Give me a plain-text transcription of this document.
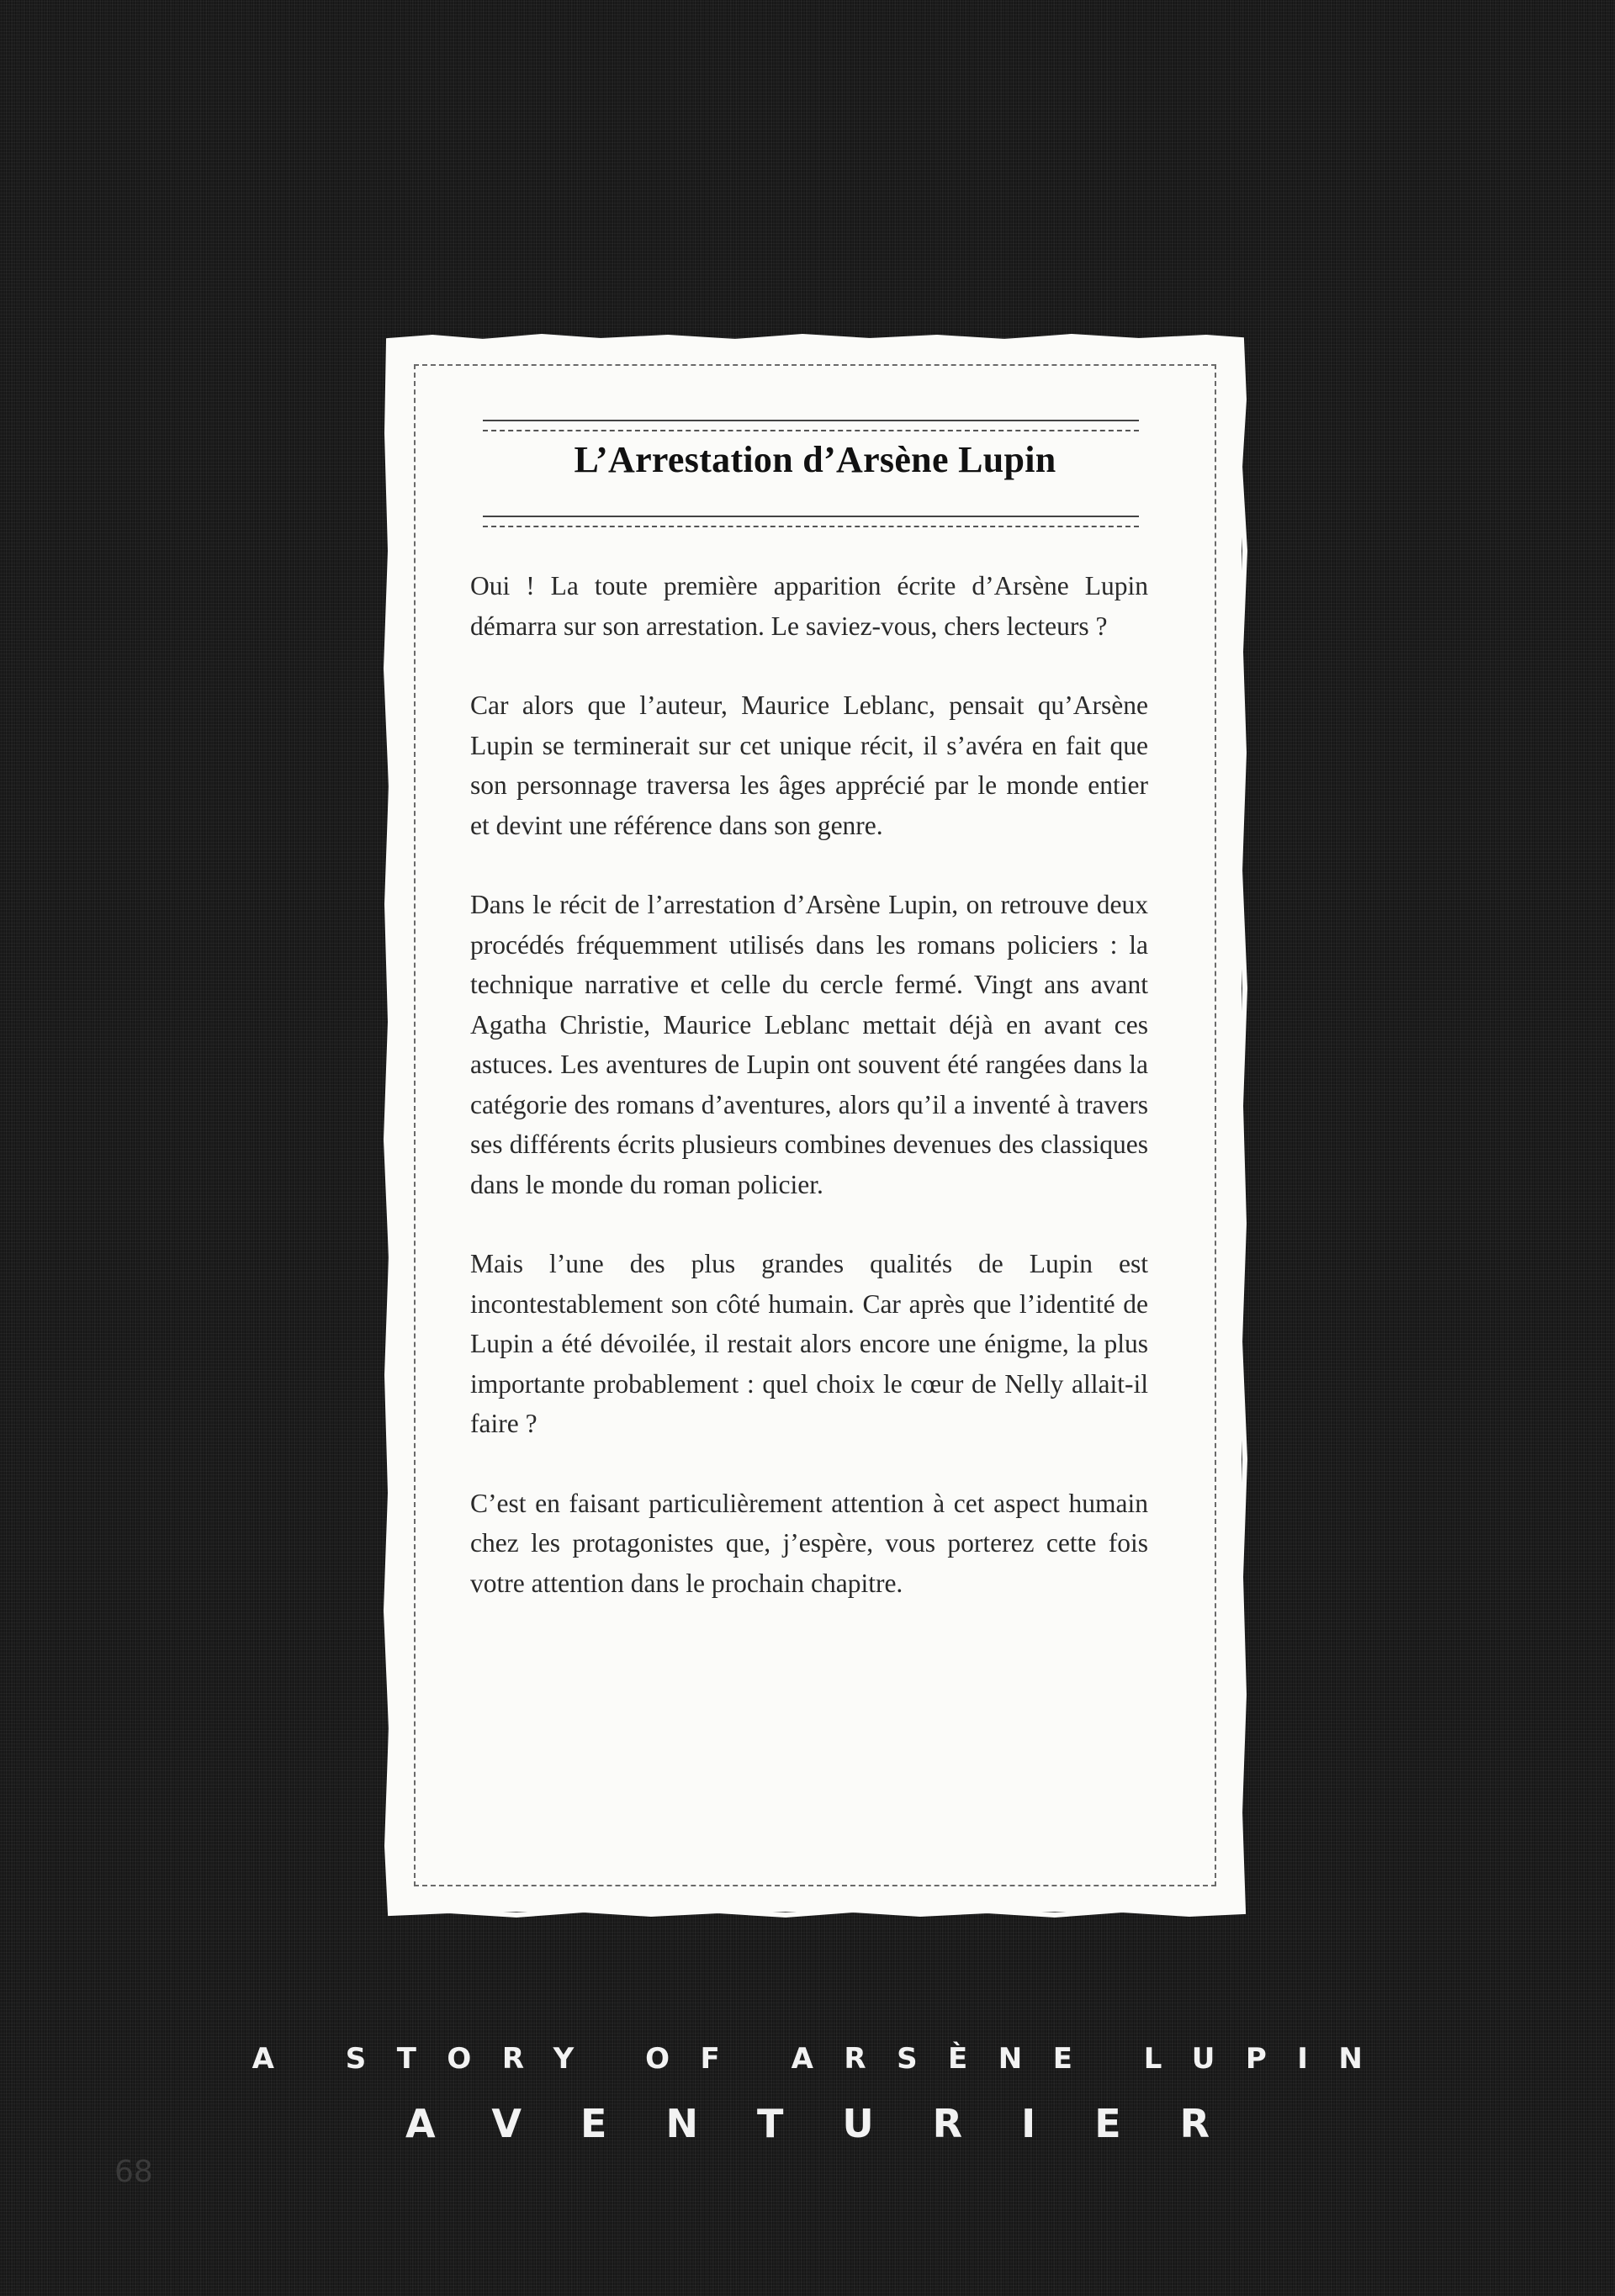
L’Arrestation d’Arsène Lupin

Oui ! La toute première apparition écrite d’Arsène Lupin démarra sur son arrestation. Le saviez-vous, chers lecteurs ?

Car alors que l’auteur, Maurice Leblanc, pensait qu’Arsène Lupin se terminerait sur cet unique récit, il s’avéra en fait que son personnage traversa les âges apprécié par le monde entier et devint une référence dans son genre.

Dans le récit de l’arrestation d’Arsène Lupin, on retrouve deux procédés fréquemment utilisés dans les romans policiers : la technique narrative et celle du cercle fermé. Vingt ans avant Agatha Christie, Maurice Leblanc mettait déjà en avant ces astuces. Les aventures de Lupin ont souvent été rangées dans la catégorie des romans d’aventures, alors qu’il a inventé à travers ses différents écrits plusieurs combines devenues des classiques dans le monde du roman policier.

Mais l’une des plus grandes qualités de Lupin est incontestablement son côté humain. Car après que l’identité de Lupin a été dévoilée, il restait alors encore une énigme, la plus importante probablement : quel choix le cœur de Nelly allait-il faire ?

C’est en faisant particulièrement attention à cet aspect humain chez les protagonistes que, j’espère, vous porterez cette fois votre attention dans le prochain chapitre.

A STORY OF ARSÈNE LUPIN
AVENTURIER
68
